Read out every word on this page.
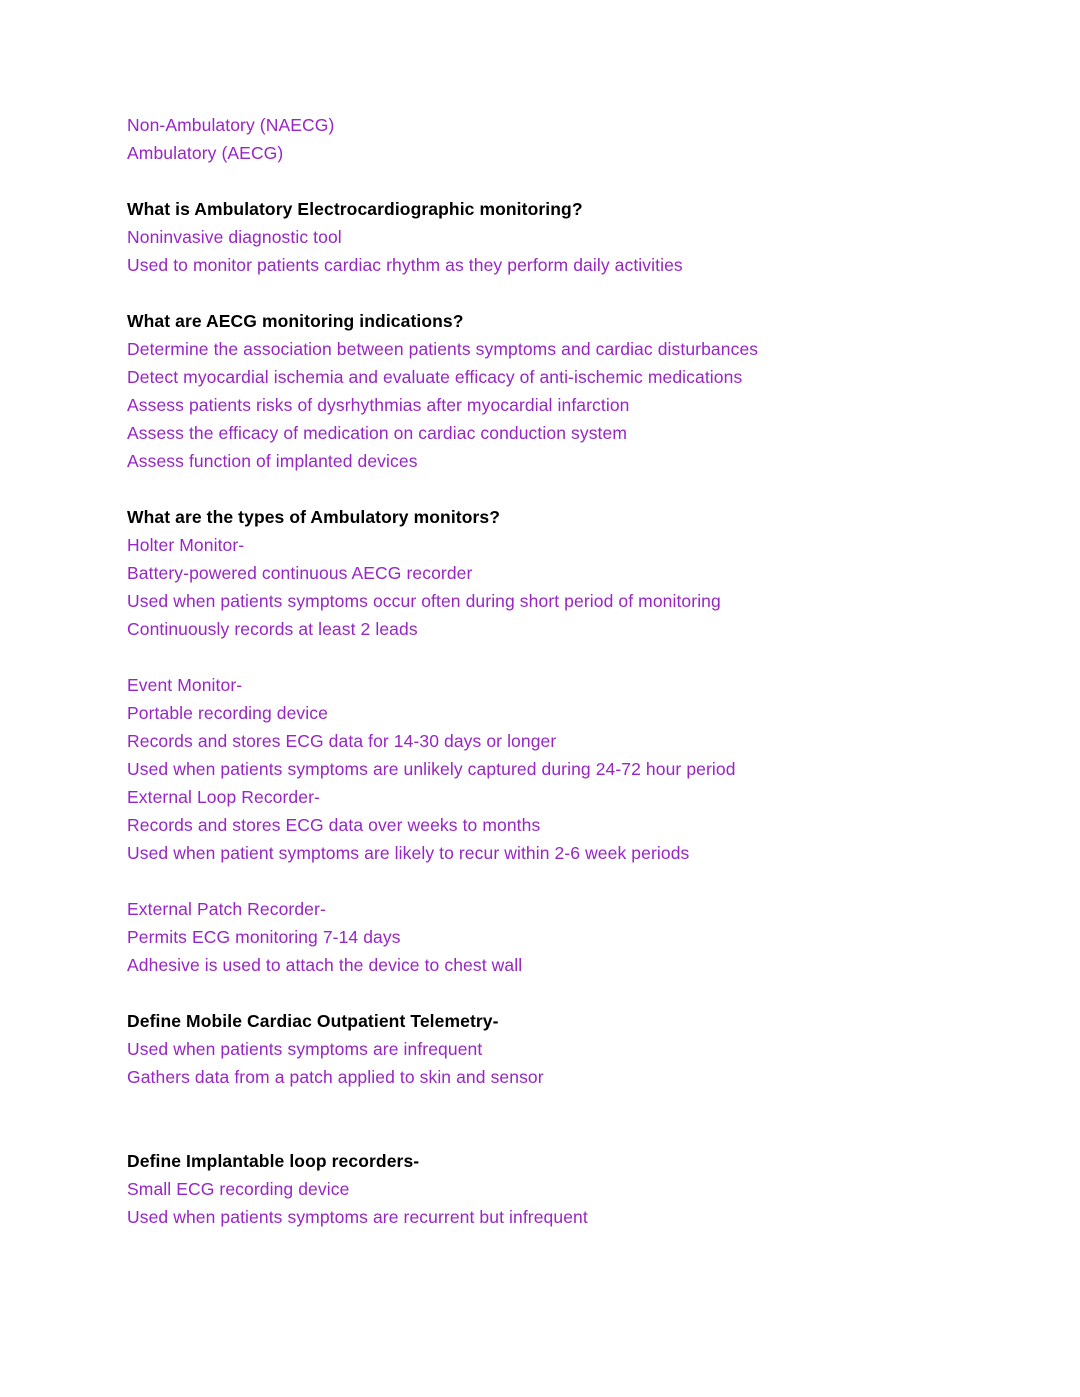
Non-Ambulatory (NAECG)
Ambulatory (AECG)
What is Ambulatory Electrocardiographic monitoring?
Noninvasive diagnostic tool
Used to monitor patients cardiac rhythm as they perform daily activities
What are AECG monitoring indications?
Determine the association between patients symptoms and cardiac disturbances
Detect myocardial ischemia and evaluate efficacy of anti-ischemic medications
Assess patients risks of dysrhythmias after myocardial infarction
Assess the efficacy of medication on cardiac conduction system
Assess function of implanted devices
What are the types of Ambulatory monitors?
Holter Monitor-
Battery-powered continuous AECG recorder
Used when patients symptoms occur often during short period of monitoring
Continuously records at least 2 leads
Event Monitor-
Portable recording device
Records and stores ECG data for 14-30 days or longer
Used when patients symptoms are unlikely captured during 24-72 hour period
External Loop Recorder-
Records and stores ECG data over weeks to months
Used when patient symptoms are likely to recur within 2-6 week periods
External Patch Recorder-
Permits ECG monitoring 7-14 days
Adhesive is used to attach the device to chest wall
Define Mobile Cardiac Outpatient Telemetry-
Used when patients symptoms are infrequent
Gathers data from a patch applied to skin and sensor
Define Implantable loop recorders-
Small ECG recording device
Used when patients symptoms are recurrent but infrequent
